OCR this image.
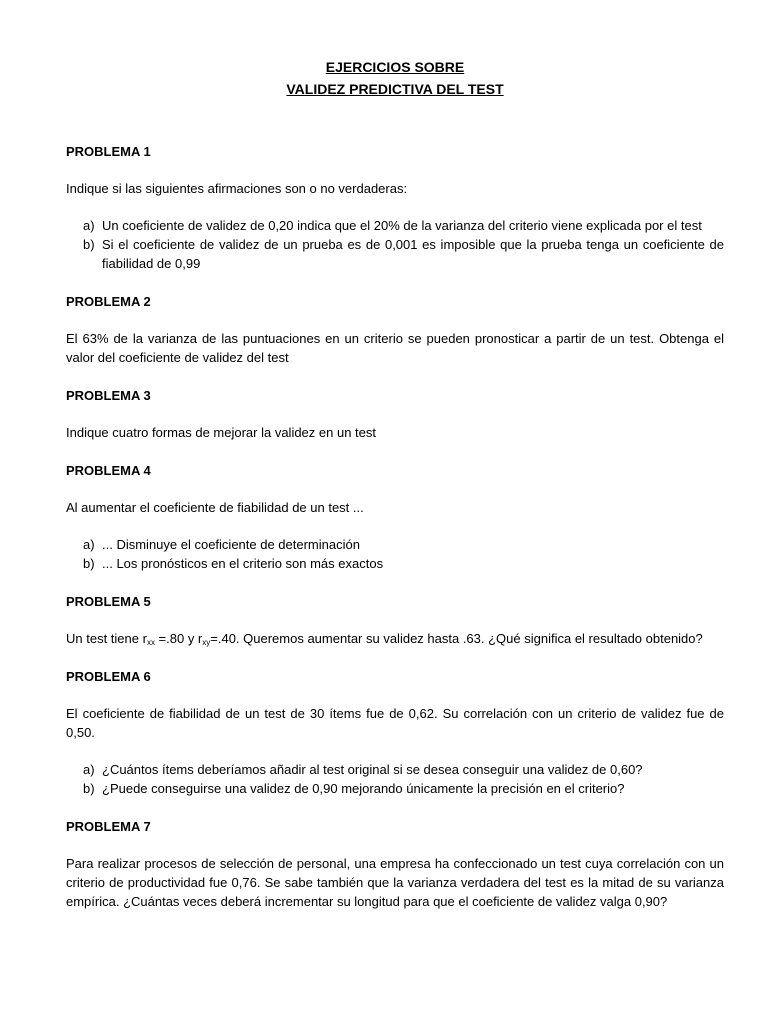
EJERCICIOS SOBRE
VALIDEZ PREDICTIVA DEL TEST

PROBLEMA 1

Indique si las siguientes afirmaciones son o no verdaderas:

a) Un coeficiente de validez de 0,20 indica que el 20% de la varianza del criterio viene explicada por el test
b) Si el coeficiente de validez de un prueba es de 0,001 es imposible que la prueba tenga un coeficiente de fiabilidad de 0,99

PROBLEMA 2

El 63% de la varianza de las puntuaciones en un criterio se pueden pronosticar a partir de un test. Obtenga el valor del coeficiente de validez del test

PROBLEMA 3

Indique cuatro formas de mejorar la validez en un test

PROBLEMA 4

Al aumentar el coeficiente de fiabilidad de un test ...

a) ... Disminuye el coeficiente de determinación
b) ... Los pronósticos en el criterio son más exactos

PROBLEMA 5

Un test tiene $r_{xx} =.80$ y $r_{xy}=.40$. Queremos aumentar su validez hasta .63. ¿Qué significa el resultado obtenido?

PROBLEMA 6

El coeficiente de fiabilidad de un test de 30 ítems fue de 0,62. Su correlación con un criterio de validez fue de 0,50.

a) ¿Cuántos ítems deberíamos añadir al test original si se desea conseguir una validez de 0,60?
b) ¿Puede conseguirse una validez de 0,90 mejorando únicamente la precisión en el criterio?

PROBLEMA 7

Para realizar procesos de selección de personal, una empresa ha confeccionado un test cuya correlación con un criterio de productividad fue 0,76. Se sabe también que la varianza verdadera del test es la mitad de su varianza empírica. ¿Cuántas veces deberá incrementar su longitud para que el coeficiente de validez valga 0,90?
